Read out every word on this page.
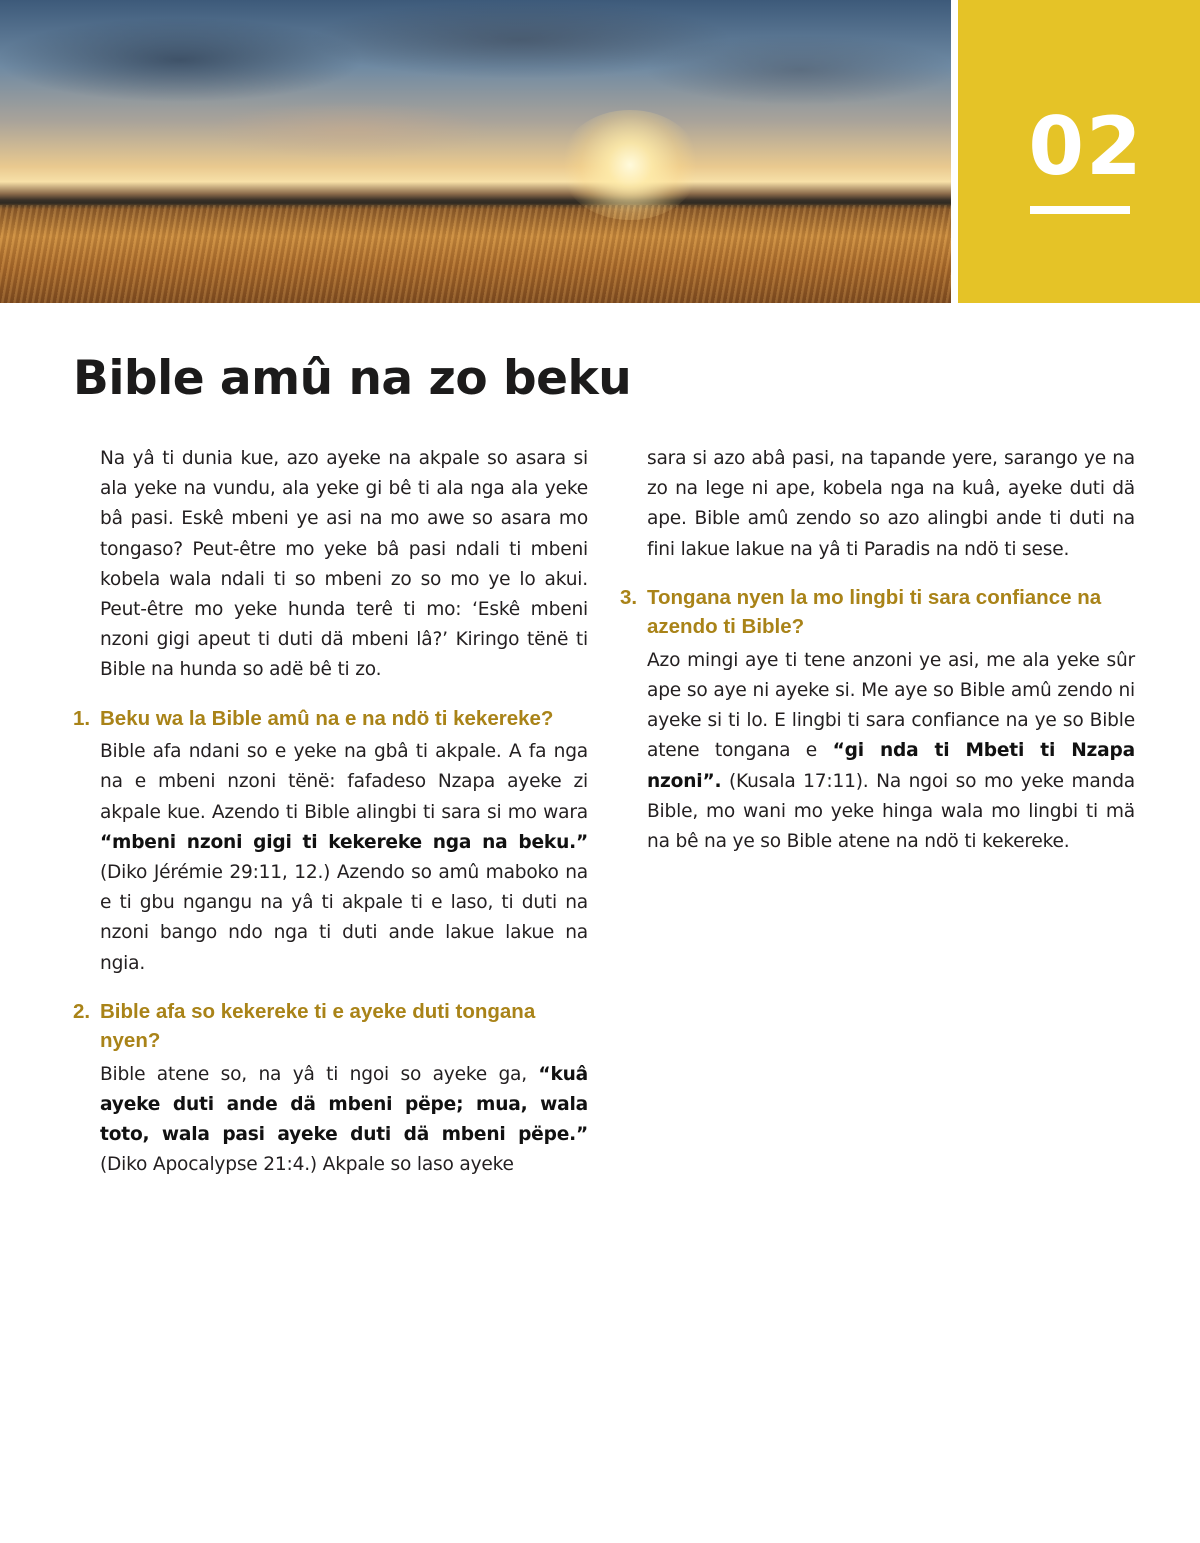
02
Bible amû na zo beku

Na yâ ti dunia kue, azo ayeke na akpale so asara si ala yeke na vundu, ala yeke gi bê ti ala nga ala yeke bâ pasi. Eskê mbeni ye asi na mo awe so asara mo tongaso? Peut-être mo yeke bâ pasi ndali ti mbeni kobela wala ndali ti so mbeni zo so mo ye lo akui. Peut-être mo yeke hunda terê ti mo: ‘Eskê mbeni nzoni gigi apeut ti duti dä mbeni lâ?’ Kiringo tënë ti Bible na hunda so adë bê ti zo.

1. Beku wa la Bible amû na e na ndö ti kekereke?

Bible afa ndani so e yeke na gbâ ti akpale. A fa nga na e mbeni nzoni tënë: fafadeso Nzapa ayeke zi akpale kue. Azendo ti Bible alingbi ti sara si mo wara “mbeni nzoni gigi ti kekereke nga na beku.” (Diko Jérémie 29:11, 12.) Azendo so amû maboko na e ti gbu ngangu na yâ ti akpale ti e laso, ti duti na nzoni bango ndo nga ti duti ande lakue lakue na ngia.

2. Bible afa so kekereke ti e ayeke duti tongana nyen?

Bible atene so, na yâ ti ngoi so ayeke ga, “kuâ ayeke duti ande dä mbeni pëpe; mua, wala toto, wala pasi ayeke duti dä mbeni pëpe.” (Diko Apocalypse 21:4.) Akpale so laso ayeke

sara si azo abâ pasi, na tapande yere, sarango ye na zo na lege ni ape, kobela nga na kuâ, ayeke duti dä ape. Bible amû zendo so azo alingbi ande ti duti na fini lakue lakue na yâ ti Paradis na ndö ti sese.

3. Tongana nyen la mo lingbi ti sara confiance na azendo ti Bible?

Azo mingi aye ti tene anzoni ye asi, me ala yeke sûr ape so aye ni ayeke si. Me aye so Bible amû zendo ni ayeke si ti lo. E lingbi ti sara confiance na ye so Bible atene tongana e “gi nda ti Mbeti ti Nzapa nzoni”. (Kusala 17:11). Na ngoi so mo yeke manda Bible, mo wani mo yeke hinga wala mo lingbi ti mä na bê na ye so Bible atene na ndö ti kekereke.
